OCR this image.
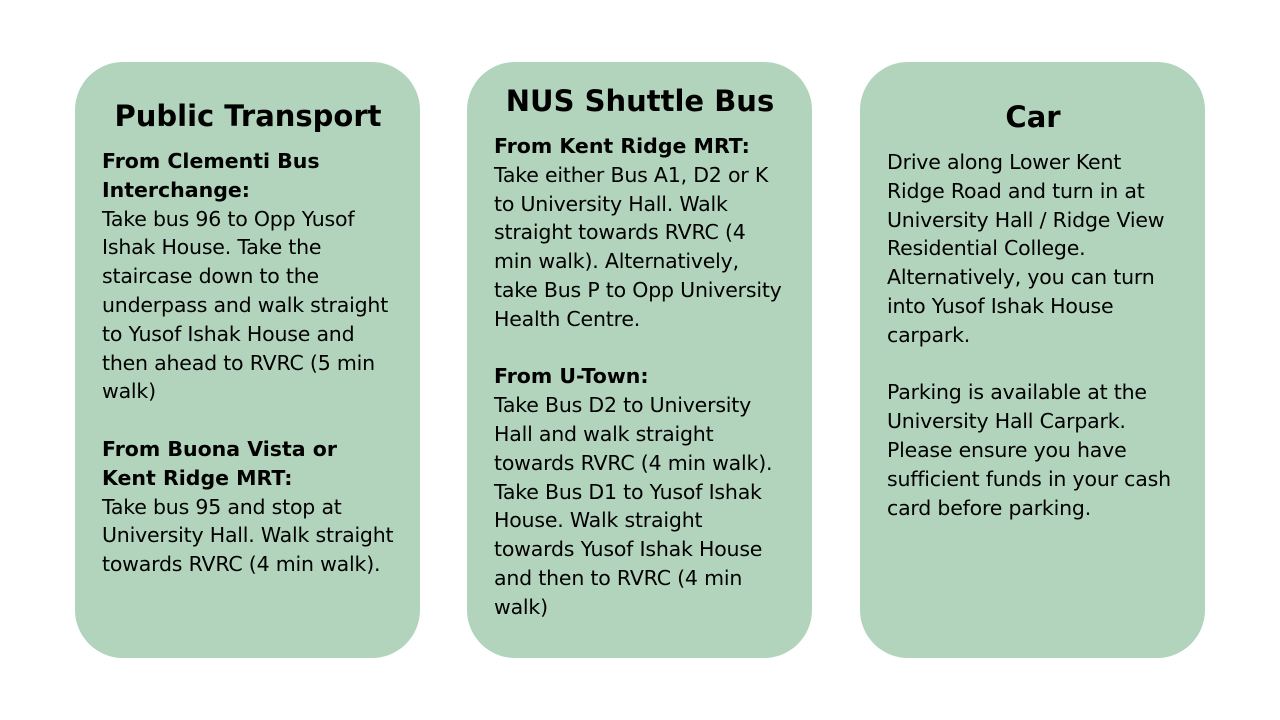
Public Transport
From Clementi Bus Interchange:
Take bus 96 to Opp Yusof Ishak House. Take the staircase down to the underpass and walk straight to Yusof Ishak House and then ahead to RVRC (5 min walk)
From Buona Vista or Kent Ridge MRT:
Take bus 95 and stop at University Hall. Walk straight towards RVRC (4 min walk).
NUS Shuttle Bus
From Kent Ridge MRT:
Take either Bus A1, D2 or K to University Hall. Walk straight towards RVRC (4 min walk). Alternatively, take Bus P to Opp University Health Centre.
From U-Town:
Take Bus D2 to University Hall and walk straight towards RVRC (4 min walk). Take Bus D1 to Yusof Ishak House. Walk straight towards Yusof Ishak House and then to RVRC (4 min walk)
Car
Drive along Lower Kent Ridge Road and turn in at University Hall / Ridge View Residential College. Alternatively, you can turn into Yusof Ishak House carpark.
Parking is available at the University Hall Carpark. Please ensure you have sufficient funds in your cash card before parking.
